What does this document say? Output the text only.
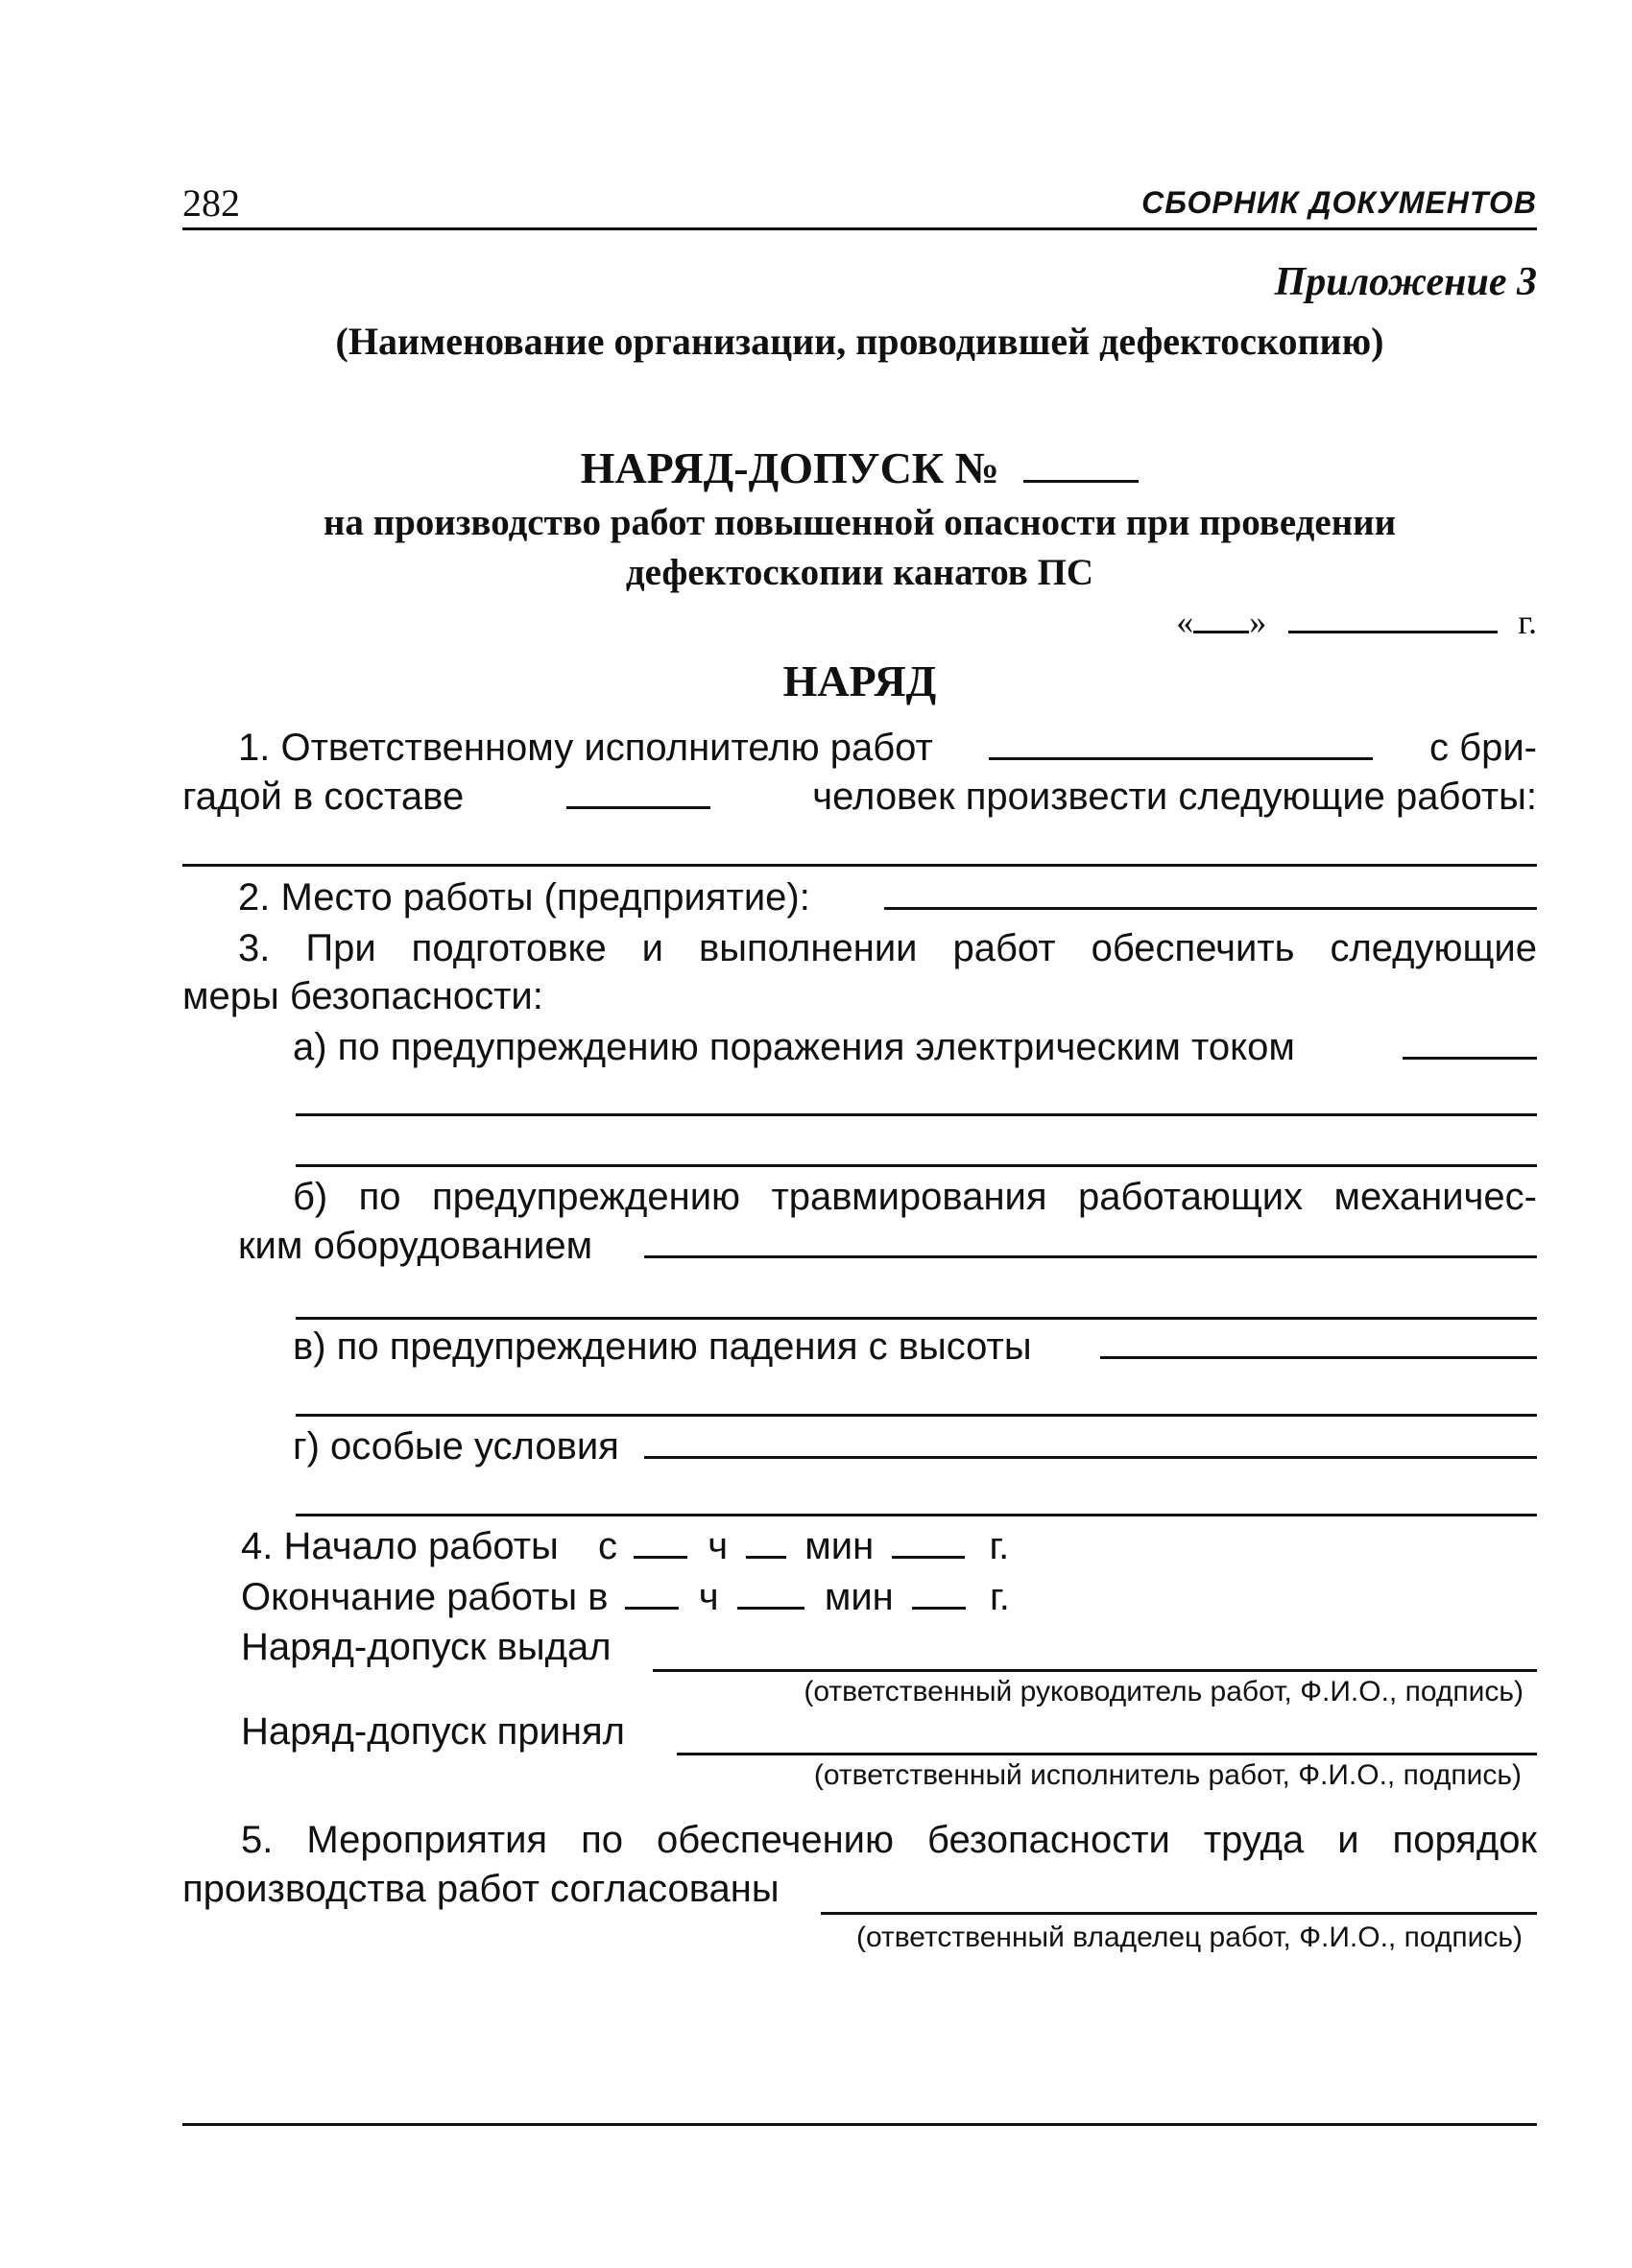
282	СБОРНИК ДОКУМЕНТОВ
Приложение 3
(Наименование организации, проводившей дефектоскопию)
НАРЯД-ДОПУСК №
на производство работ повышенной опасности при проведении
дефектоскопии канатов ПС
« »	г.
НАРЯД
1. Ответственному исполнителю работ	с бри-
гадой в составе	человек произвести следующие работы:
2. Место работы (предприятие):
3. При подготовке и выполнении работ обеспечить следующие
меры безопасности:
а) по предупреждению поражения электрическим током
б) по предупреждению травмирования работающих механичес-
ким оборудованием
в) по предупреждению падения с высоты
г) особые условия
4. Начало работы с ч мин	г.
Окончание работы в ч	мин	г.
Наряд-допуск выдал
(ответственный руководитель работ, Ф.И.О., подпись)
Наряд-допуск принял
(ответственный исполнитель работ, Ф.И.О., подпись)
5. Мероприятия по обеспечению безопасности труда и порядок
производства работ согласованы
(ответственный владелец работ, Ф.И.О., подпись)
